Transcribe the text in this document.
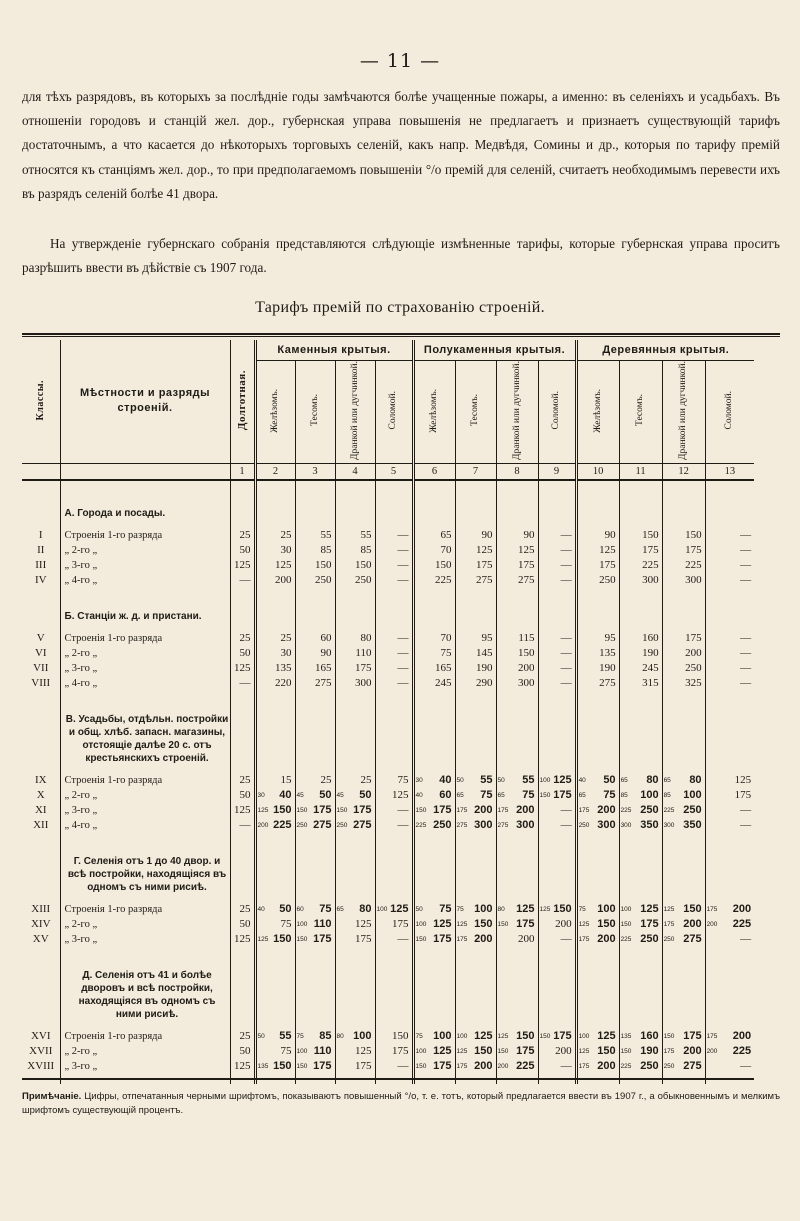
— 11 —

для тѣхъ разрядовъ, въ которыхъ за послѣдніе годы замѣчаются болѣе учащенные пожары, а именно: въ селеніяхъ и усадьбахъ. Въ отношеніи городовъ и станцій жел. дор., губернская управа повышенія не предлагаетъ и признаетъ существующій тарифъ достаточнымъ, а что касается до нѣкоторыхъ торговыхъ селеній, какъ напр. Медвѣдя, Сомины и др., которыя по тарифу премій относятся къ станціямъ жел. дор., то при предполагаемомъ повышеніи °/о премій для селеній, считаетъ необходимымъ перевести ихъ въ разрядъ селеній болѣе 41 двора.

На утвержденіе губернскаго собранія представляются слѣдующіе измѣненные тарифы, которые губернская управа проситъ разрѣшить ввести въ дѣйствіе съ 1907 года.

Тарифъ премій по страхованію строеній.
Классы.	Мѣстности и разряды строеній.	Долготная.	Каменныя крытыя.				Полукаменныя крытыя.				Деревянныя крытыя.			
			Желѣзомъ.	Тесомъ.	Дранкой или дугчинкой.	Соломой.	Желѣзомъ.	Тесомъ.	Дранкой или дугчинкой.	Соломой.	Желѣзомъ.	Тесомъ.	Дранкой или дугчинкой.	Соломой.
		1	2	3	4	5	6	7	8	9	10	11	12	13
	А. Города и посады.													
I	Строенія 1-го разряда	25	25	55	55	—	65	90	90	—	90	150	150	—
II	„ 2-го „	50	30	85	85	—	70	125	125	—	125	175	175	—
III	„ 3-го „	125	125	150	150	—	150	175	175	—	175	225	225	—
IV	„ 4-го „	—	200	250	250	—	225	275	275	—	250	300	300	—
	Б. Станціи ж. д. и пристани.													
V	Строенія 1-го разряда	25	25	60	80	—	70	95	115	—	95	160	175	—
VI	„ 2-го „	50	30	90	110	—	75	145	150	—	135	190	200	—
VII	„ 3-го „	125	135	165	175	—	165	190	200	—	190	245	250	—
VIII	„ 4-го „	—	220	275	300	—	245	290	300	—	275	315	325	—
	В. Усадьбы, отдѣльн. постройки и общ. хлѣб. запасн. магазины, отстоящіе далѣе 20 с. отъ крестьянскихъ строеній.													
IX	Строенія 1-го разряда	25	15	25	25	75	30 40	50 55	50 55	100 125	40 50	65 80	65 80	125
X	„ 2-го „	50	30 40	45 50	45 50	125	40 60	65 75	65 75	150 175	65 75	85 100	85 100	175
XI	„ 3-го „	125	125 150	150 175	150 175	—	150 175	175 200	175 200	—	175 200	225 250	225 250	—
XII	„ 4-го „	—	200 225	250 275	250 275	—	225 250	275 300	275 300	—	250 300	300 350	300 350	—
	Г. Селенія отъ 1 до 40 двор. и всѣ постройки, находящіяся въ одномъ съ ними рисиѣ.													
XIII	Строенія 1-го разряда	25	40 50	60 75	65 80	100 125	50 75	75 100	80 125	125 150	75 100	100 125	125 150	175 200
XIV	„ 2-го „	50	75	100 110	125	175	100 125	125 150	150 175	200	125 150	150 175	175 200	200 225
XV	„ 3-го „	125	125 150	150 175	175	—	150 175	175 200	200	—	175 200	225 250	250 275	—
	Д. Селенія отъ 41 и болѣе дворовъ и всѣ постройки, находящіяся въ одномъ съ ними рисиѣ.													
XVI	Строенія 1-го разряда	25	50 55	75 85	80 100	150	75 100	100 125	125 150	150 175	100 125	135 160	150 175	175 200
XVII	„ 2-го „	50	75	100 110	125	175	100 125	125 150	150 175	200	125 150	150 190	175 200	200 225
XVIII	„ 3-го „	125	135 150	150 175	175	—	150 175	175 200	200 225	—	175 200	225 250	250 275	—
Примѣчаніе. Цифры, отпечатанныя черными шрифтомъ, показываютъ повышенный °/о, т. е. тотъ, который предлагается ввести въ 1907 г., а обыкновеннымъ и мелкимъ шрифтомъ существующій процентъ.
